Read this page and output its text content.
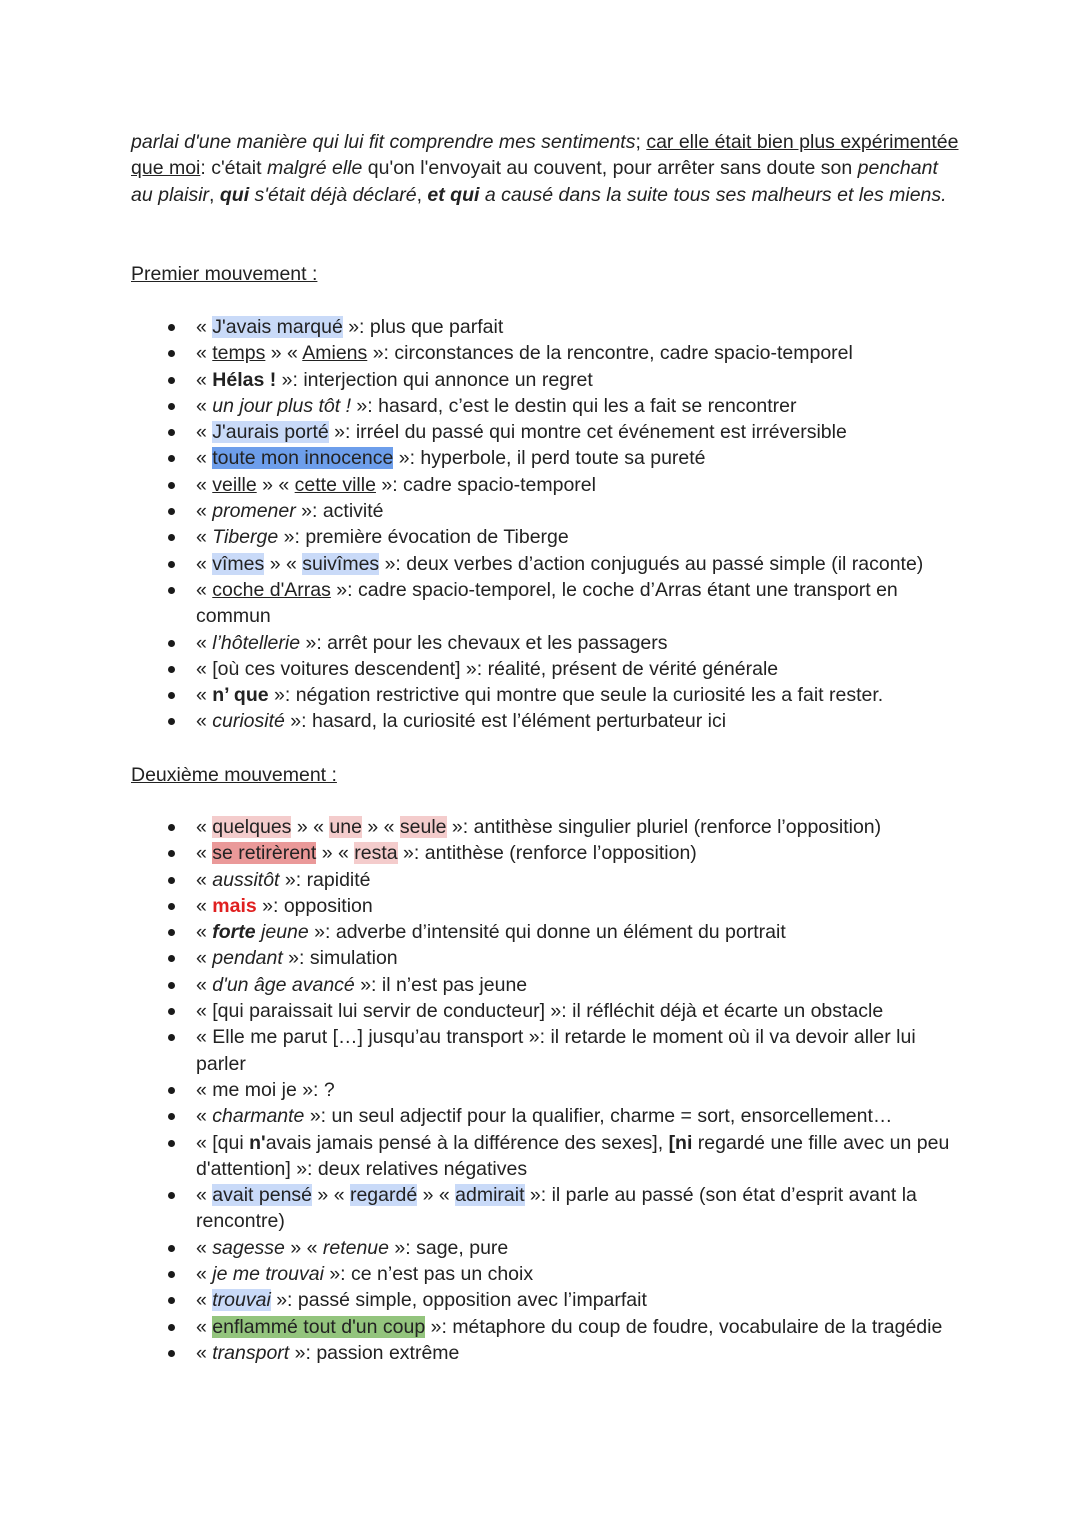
parlai d'une manière qui lui fit comprendre mes sentiments; car elle était bien plus expérimentée que moi: c'était malgré elle qu'on l'envoyait au couvent, pour arrêter sans doute son penchant au plaisir, qui s'était déjà déclaré, et qui a causé dans la suite tous ses malheurs et les miens.

Premier mouvement :
« J'avais marqué »: plus que parfait
« temps » « Amiens »: circonstances de la rencontre, cadre spacio-temporel
« Hélas ! »: interjection qui annonce un regret
« un jour plus tôt ! »: hasard, c’est le destin qui les a fait se rencontrer
« J'aurais porté »: irréel du passé qui montre cet événement est irréversible
« toute mon innocence »: hyperbole, il perd toute sa pureté
« veille » « cette ville »: cadre spacio-temporel
« promener »: activité
« Tiberge »: première évocation de Tiberge
« vîmes » « suivîmes »: deux verbes d’action conjugués au passé simple (il raconte)
« coche d'Arras »: cadre spacio-temporel, le coche d’Arras étant une transport en commun
« l’hôtellerie »: arrêt pour les chevaux et les passagers
« [où ces voitures descendent] »: réalité, présent de vérité générale
« n’ que »: négation restrictive qui montre que seule la curiosité les a fait rester.
« curiosité »: hasard, la curiosité est l’élément perturbateur ici
Deuxième mouvement :
« quelques » « une » « seule »: antithèse singulier pluriel (renforce l’opposition)
« se retirèrent » « resta »: antithèse (renforce l’opposition)
« aussitôt »: rapidité
« mais »: opposition
« forte jeune »: adverbe d’intensité qui donne un élément du portrait
« pendant »: simulation
« d'un âge avancé »: il n’est pas jeune
« [qui paraissait lui servir de conducteur] »: il réfléchit déjà et écarte un obstacle
« Elle me parut […] jusqu’au transport »: il retarde le moment où il va devoir aller lui parler
« me moi je »: ?
« charmante »: un seul adjectif pour la qualifier, charme = sort, ensorcellement…
« [qui n'avais jamais pensé à la différence des sexes], [ni regardé une fille avec un peu d'attention] »: deux relatives négatives
« avait pensé » « regardé » « admirait »: il parle au passé (son état d’esprit avant la rencontre)
« sagesse » « retenue »: sage, pure
« je me trouvai »: ce n’est pas un choix
« trouvai »: passé simple, opposition avec l’imparfait
« enflammé tout d'un coup »: métaphore du coup de foudre, vocabulaire de la tragédie
« transport »: passion extrême
